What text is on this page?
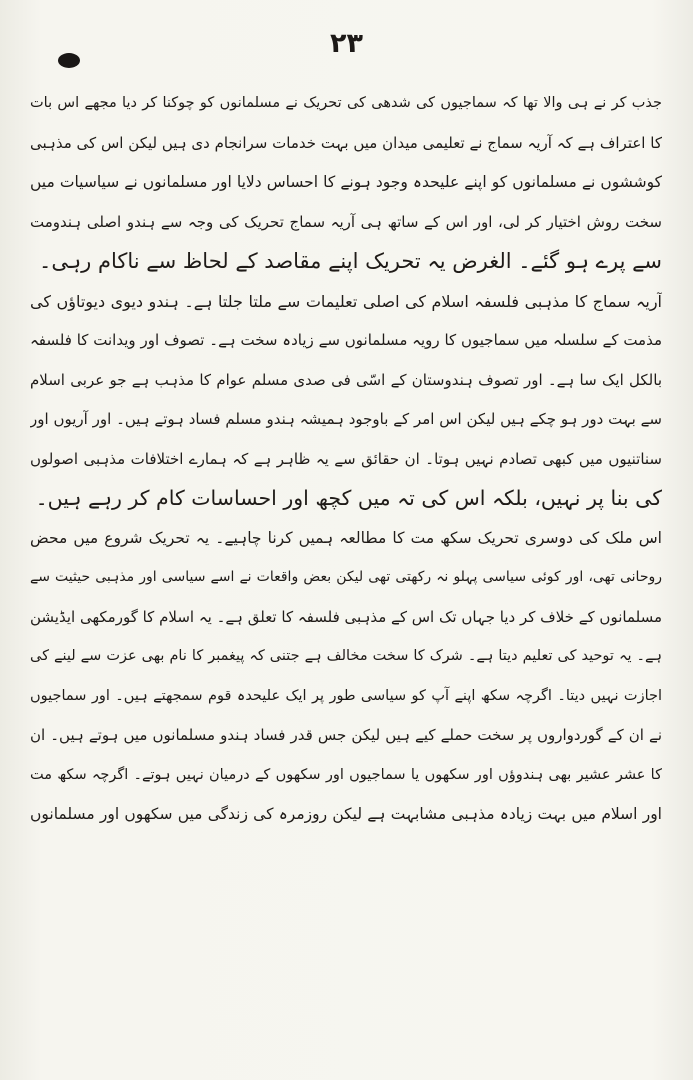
۲۳
جذب کر نے ہی والا تھا کہ سماجیوں کی شدھی کی تحریک نے مسلمانوں کو چوکنا کر دیا مجھے اس بات
کا اعتراف ہے کہ آریہ سماج نے تعلیمی میدان میں بہت خدمات سرانجام دی ہیں لیکن اس کی مذہبی
کوششوں نے مسلمانوں کو اپنے علیحدہ وجود ہونے کا احساس دلایا اور مسلمانوں نے سیاسیات میں
سخت روش اختیار کر لی، اور اس کے ساتھ ہی آریہ سماج تحریک کی وجہ سے ہندو اصلی ہندومت
سے پرے ہو گئے۔ الغرض یہ تحریک اپنے مقاصد کے لحاظ سے ناکام رہی۔
آریہ سماج کا مذہبی فلسفہ اسلام کی اصلی تعلیمات سے ملتا جلتا ہے۔ ہندو دیوی دیوتاؤں کی
مذمت کے سلسلہ میں سماجیوں کا رویہ مسلمانوں سے زیادہ سخت ہے۔ تصوف اور ویدانت کا فلسفہ
بالکل ایک سا ہے۔ اور تصوف ہندوستان کے اسّی فی صدی مسلم عوام کا مذہب ہے جو عربی اسلام
سے بہت دور ہو چکے ہیں لیکن اس امر کے باوجود ہمیشہ ہندو مسلم فساد ہوتے ہیں۔ اور آریوں اور
سناتنیوں میں کبھی تصادم نہیں ہوتا۔ ان حقائق سے یہ ظاہر ہے کہ ہمارے اختلافات مذہبی اصولوں
کی بنا پر نہیں، بلکہ اس کی تہ میں کچھ اور احساسات کام کر رہے ہیں۔
اس ملک کی دوسری تحریک سکھ مت کا مطالعہ ہمیں کرنا چاہیے۔ یہ تحریک شروع میں محض
روحانی تھی، اور کوئی سیاسی پہلو نہ رکھتی تھی لیکن بعض واقعات نے اسے سیاسی اور مذہبی حیثیت سے
مسلمانوں کے خلاف کر دیا جہاں تک اس کے مذہبی فلسفہ کا تعلق ہے۔ یہ اسلام کا گورمکھی ایڈیشن
ہے۔ یہ توحید کی تعلیم دیتا ہے۔ شرک کا سخت مخالف ہے جتنی کہ پیغمبر کا نام بھی عزت سے لینے کی
اجازت نہیں دیتا۔ اگرچہ سکھ اپنے آپ کو سیاسی طور پر ایک علیحدہ قوم سمجھتے ہیں۔ اور سماجیوں
نے ان کے گوردواروں پر سخت حملے کیے ہیں لیکن جس قدر فساد ہندو مسلمانوں میں ہوتے ہیں۔ ان
کا عشر عشیر بھی ہندوؤں اور سکھوں یا سماجیوں اور سکھوں کے درمیان نہیں ہوتے۔ اگرچہ سکھ مت
اور اسلام میں بہت زیادہ مذہبی مشابہت ہے لیکن روزمرہ کی زندگی میں سکھوں اور مسلمانوں
